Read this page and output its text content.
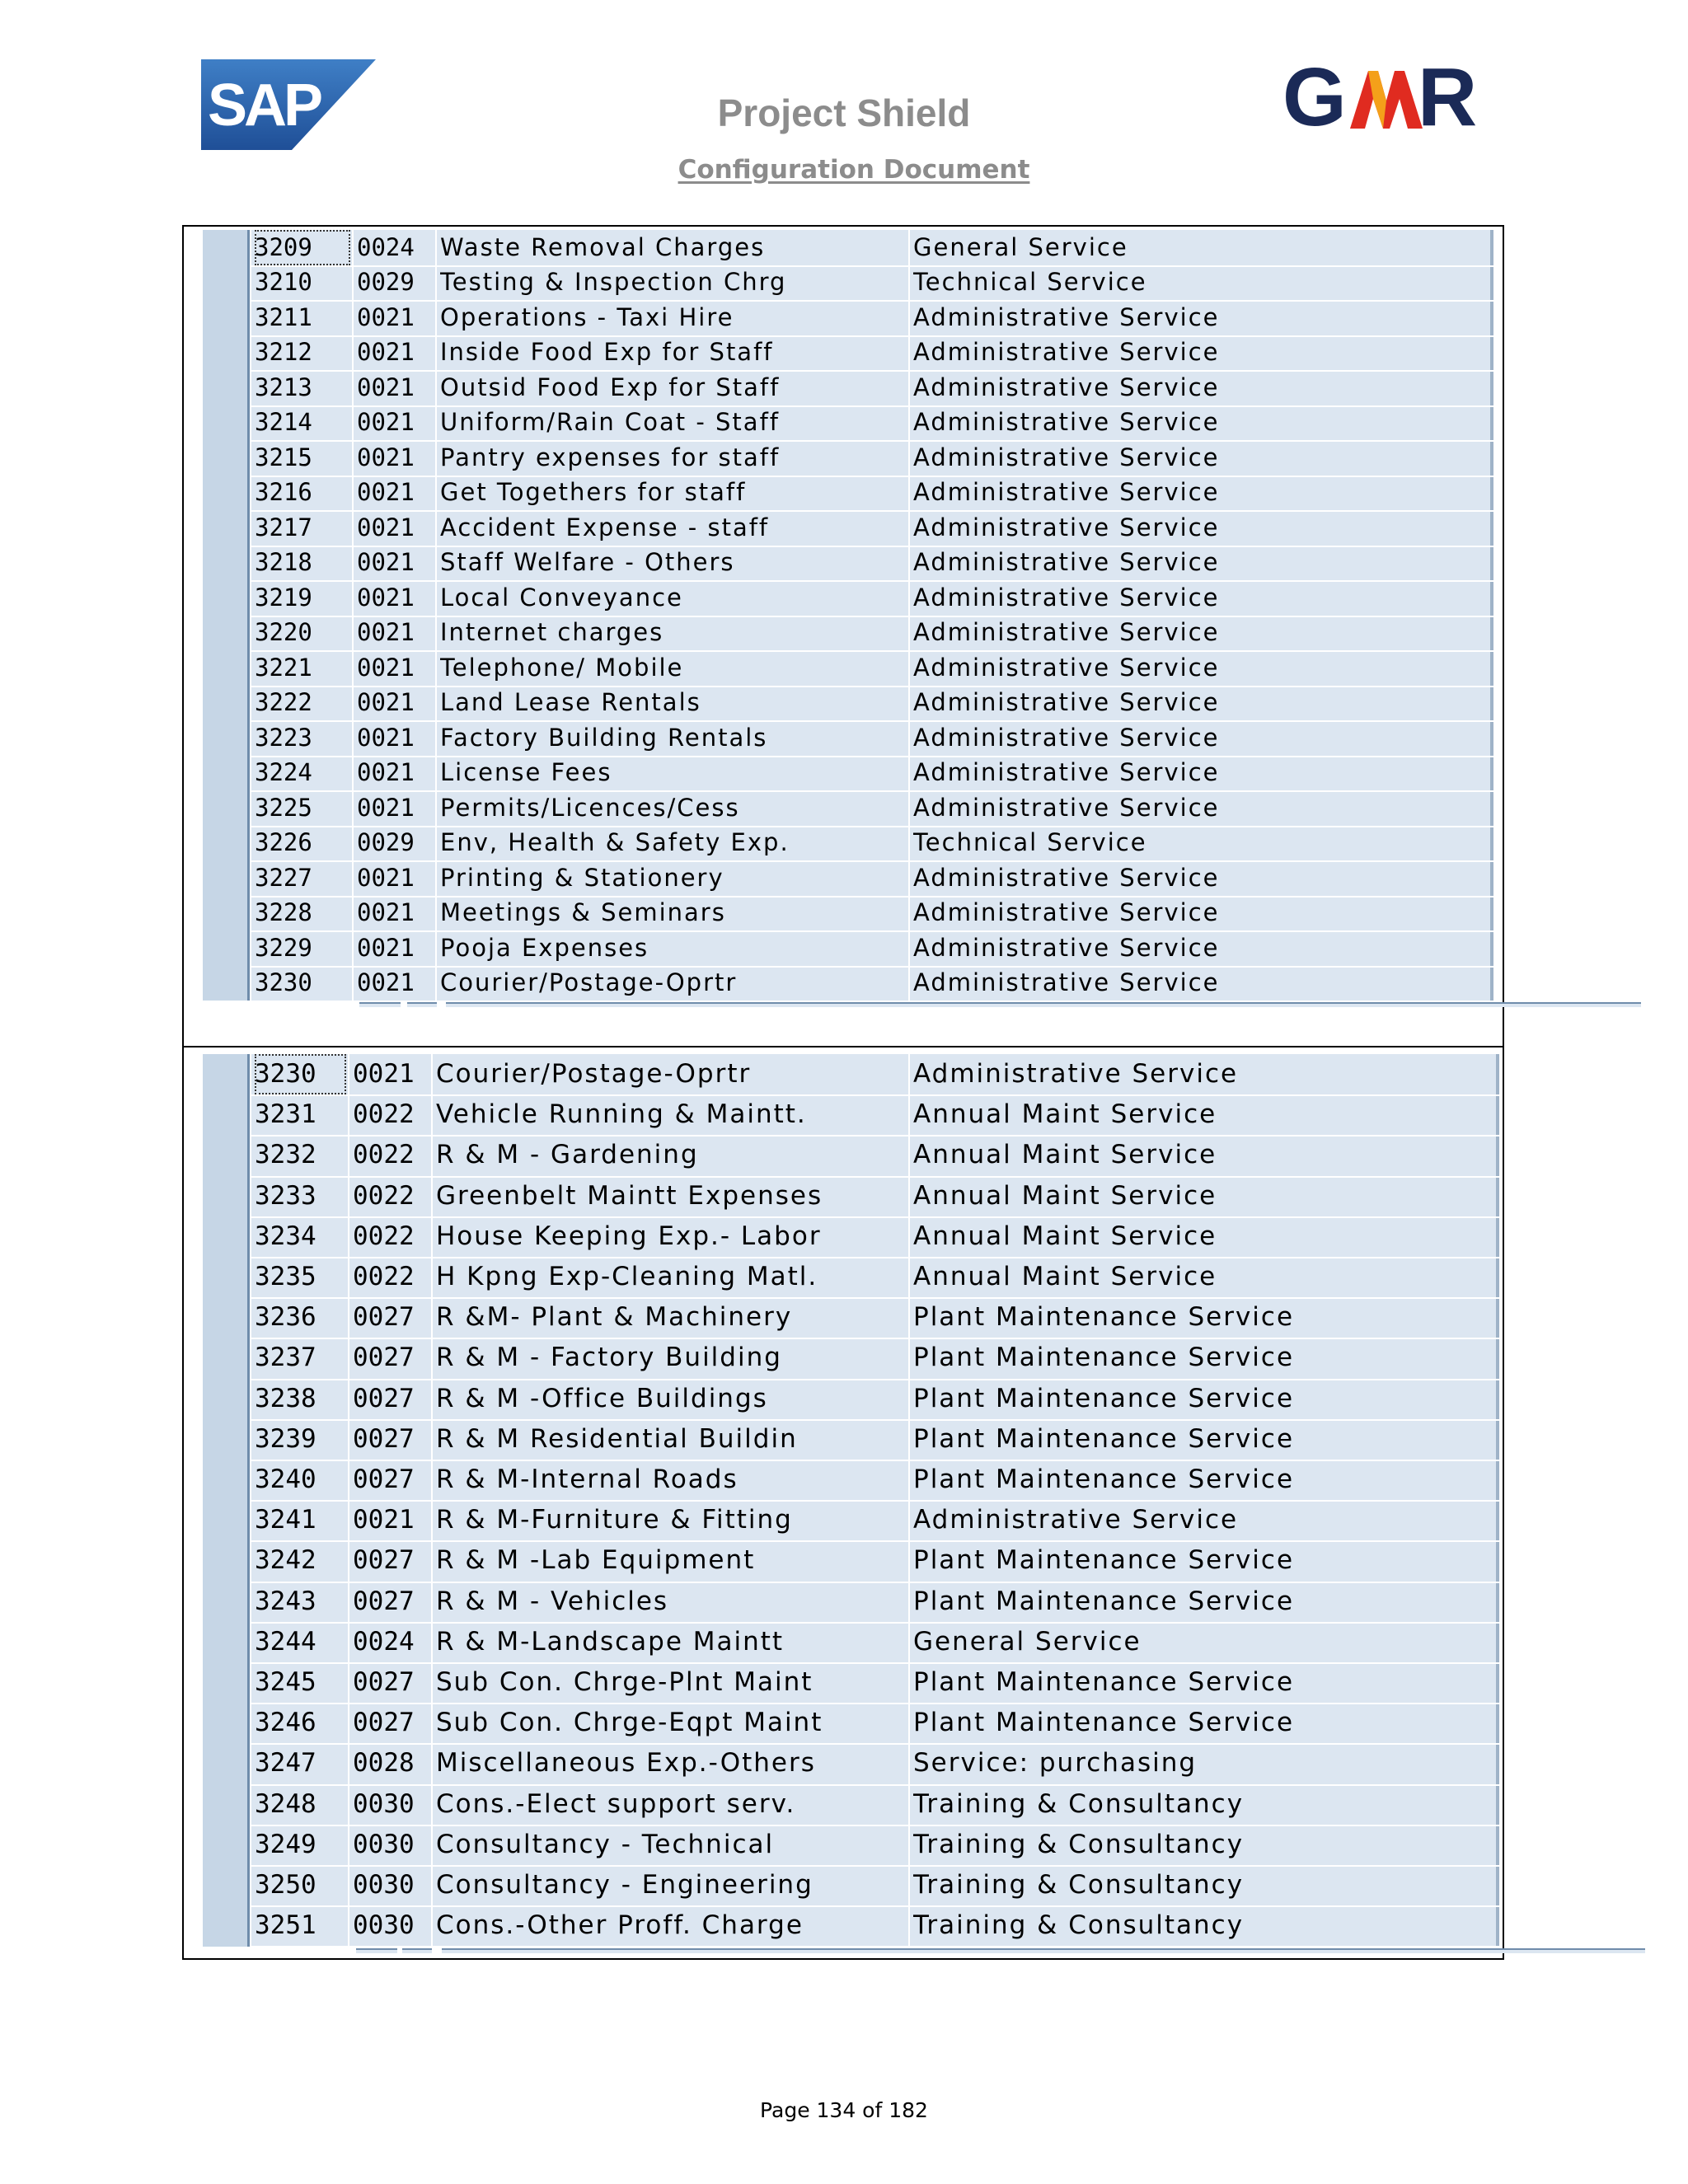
SAP	G R
Project Shield
Configuration Document
3209	0024	Waste Removal Charges	General Service
3210	0029	Testing & Inspection Chrg	Technical Service
3211	0021	Operations - Taxi Hire	Administrative Service
3212	0021	Inside Food Exp for Staff	Administrative Service
3213	0021	Outsid Food Exp for Staff	Administrative Service
3214	0021	Uniform/Rain Coat - Staff	Administrative Service
3215	0021	Pantry expenses for staff	Administrative Service
3216	0021	Get Togethers for staff	Administrative Service
3217	0021	Accident Expense - staff	Administrative Service
3218	0021	Staff Welfare - Others	Administrative Service
3219	0021	Local Conveyance	Administrative Service
3220	0021	Internet charges	Administrative Service
3221	0021	Telephone/ Mobile	Administrative Service
3222	0021	Land Lease Rentals	Administrative Service
3223	0021	Factory Building Rentals	Administrative Service
3224	0021	License Fees	Administrative Service
3225	0021	Permits/Licences/Cess	Administrative Service
3226	0029	Env, Health & Safety Exp.	Technical Service
3227	0021	Printing & Stationery	Administrative Service
3228	0021	Meetings & Seminars	Administrative Service
3229	0021	Pooja Expenses	Administrative Service
3230	0021	Courier/Postage-Oprtr	Administrative Service
3230	0021 Courier/Postage-Oprtr	Administrative Service
3231	0022 Vehicle Running & Maintt.	Annual Maint Service
3232	0022 R & M - Gardening	Annual Maint Service
3233	0022 Greenbelt Maintt Expenses	Annual Maint Service
3234	0022 House Keeping Exp.- Labor	Annual Maint Service
3235	0022 H Kpng Exp-Cleaning Matl.	Annual Maint Service
3236	0027 R &M- Plant & Machinery	Plant Maintenance Service
3237	0027 R & M - Factory Building	Plant Maintenance Service
3238	0027 R & M -Office Buildings	Plant Maintenance Service
3239	0027 R & M Residential Buildin	Plant Maintenance Service
3240	0027 R & M-Internal Roads	Plant Maintenance Service
3241	0021 R & M-Furniture & Fitting	Administrative Service
3242	0027 R & M -Lab Equipment	Plant Maintenance Service
3243	0027 R & M - Vehicles	Plant Maintenance Service
3244	0024 R & M-Landscape Maintt	General Service
3245	0027 Sub Con. Chrge-Plnt Maint	Plant Maintenance Service
3246	0027 Sub Con. Chrge-Eqpt Maint	Plant Maintenance Service
3247	0028 Miscellaneous Exp.-Others	Service: purchasing
3248	0030 Cons.-Elect support serv.	Training & Consultancy
3249	0030 Consultancy - Technical	Training & Consultancy
3250	0030 Consultancy - Engineering	Training & Consultancy
3251	0030 Cons.-Other Proff. Charge	Training & Consultancy
Page 134 of 182
